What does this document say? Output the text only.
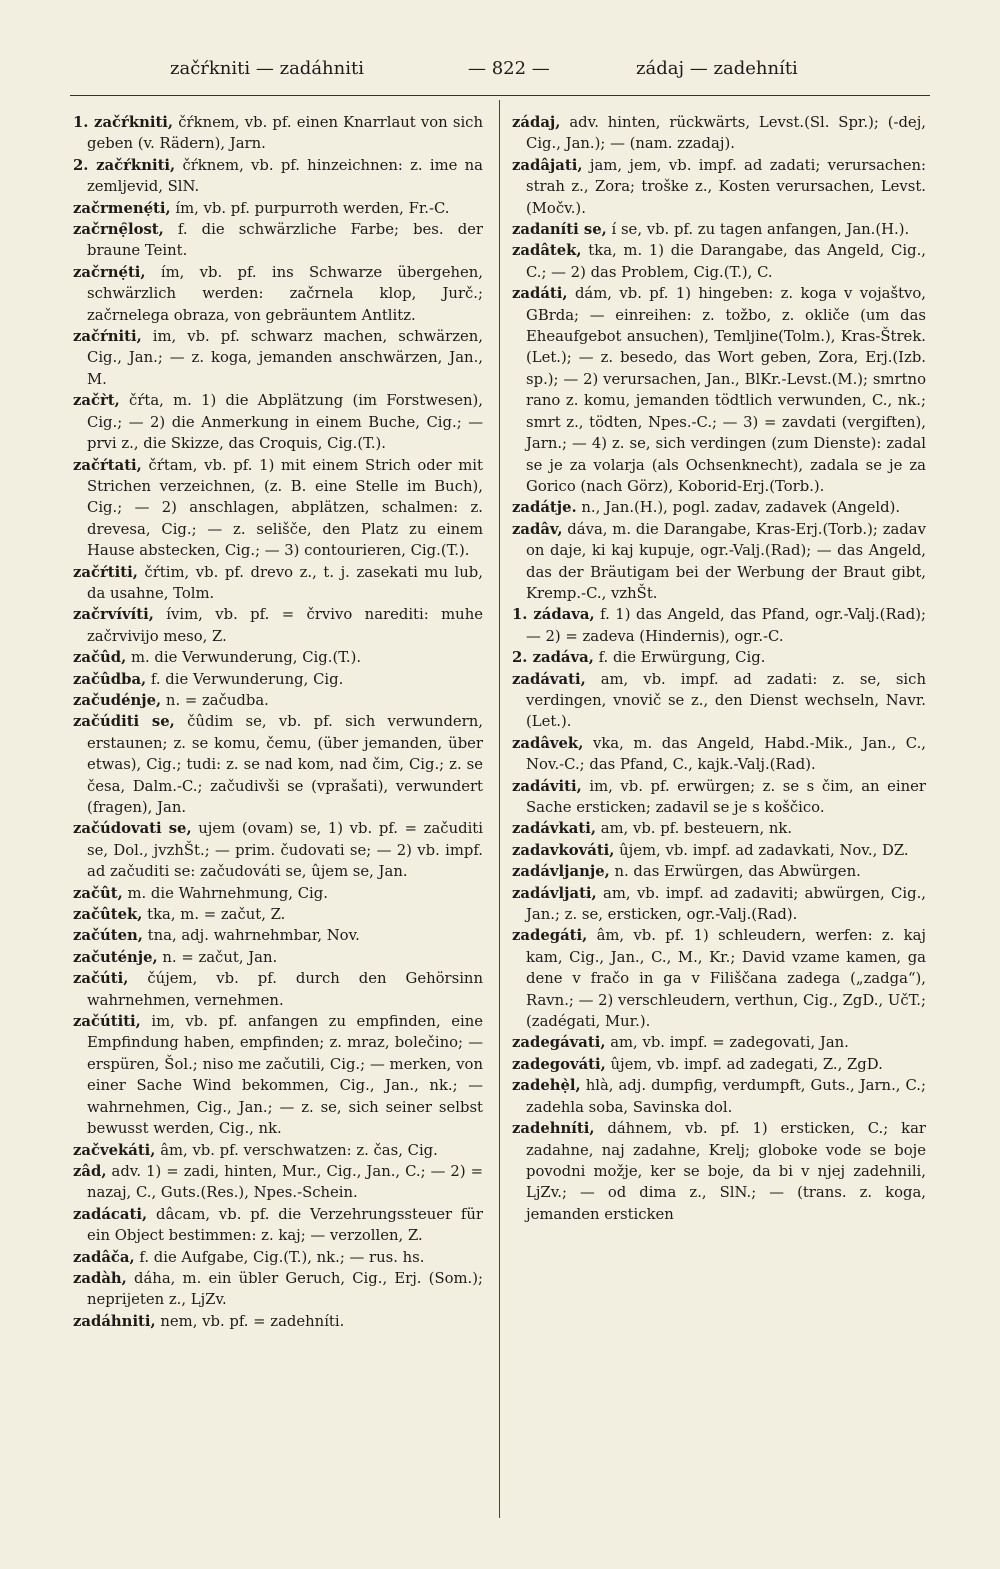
začŕkniti — zadáhniti	— 822 —	zádaj — zadehníti

1. začŕkniti, čŕknem, vb. pf. einen Knarrlaut von sich geben (v. Rädern), Jarn.

2. začŕkniti, čŕknem, vb. pf. hinzeichnen: z. ime na zemljevid, SlN.

začrmenẹ́ti, ím, vb. pf. purpurroth werden, Fr.-C.

začrnẹ̑lost, f. die schwärzliche Farbe; bes. der braune Teint.

začrnẹ́ti, ím, vb. pf. ins Schwarze übergehen, schwärzlich werden: začrnela klop, Jurč.; začrnelega obraza, von gebräuntem Antlitz.

začŕniti, im, vb. pf. schwarz machen, schwärzen, Cig., Jan.; — z. koga, jemanden anschwärzen, Jan., M.

začr̀t, čŕta, m. 1) die Abplätzung (im Forstwesen), Cig.; — 2) die Anmerkung in einem Buche, Cig.; — prvi z., die Skizze, das Croquis, Cig.(T.).

začŕtati, čŕtam, vb. pf. 1) mit einem Strich oder mit Strichen verzeichnen, (z. B. eine Stelle im Buch), Cig.; — 2) anschlagen, abplätzen, schalmen: z. drevesa, Cig.; — z. selišče, den Platz zu einem Hause abstecken, Cig.; — 3) contourieren, Cig.(T.).

začŕtiti, čŕtim, vb. pf. drevo z., t. j. zasekati mu lub, da usahne, Tolm.

začrvívíti, ívim, vb. pf. = črvivo narediti: muhe začrvivijo meso, Z.

začûd, m. die Verwunderung, Cig.(T.).

začûdba, f. die Verwunderung, Cig.

začudénje, n. = začudba.

začúditi se, čûdim se, vb. pf. sich verwundern, erstaunen; z. se komu, čemu, (über jemanden, über etwas), Cig.; tudi: z. se nad kom, nad čim, Cig.; z. se česa, Dalm.-C.; začudivši se (vprašati), verwundert (fragen), Jan.

začúdovati se, ujem (ovam) se, 1) vb. pf. = začuditi se, Dol., jvzhŠt.; — prim. čudovati se; — 2) vb. impf. ad začuditi se: začudováti se, ûjem se, Jan.

začût, m. die Wahrnehmung, Cig.

začûtek, tka, m. = začut, Z.

začúten, tna, adj. wahrnehmbar, Nov.

začuténje, n. = začut, Jan.

začúti, čújem, vb. pf. durch den Gehörsinn wahrnehmen, vernehmen.

začútiti, im, vb. pf. anfangen zu empfinden, eine Empfindung haben, empfinden; z. mraz, bolečino; — erspüren, Šol.; niso me začutili, Cig.; — merken, von einer Sache Wind bekommen, Cig., Jan., nk.; — wahrnehmen, Cig., Jan.; — z. se, sich seiner selbst bewusst werden, Cig., nk.

začvekáti, âm, vb. pf. verschwatzen: z. čas, Cig.

zâd, adv. 1) = zadi, hinten, Mur., Cig., Jan., C.; — 2) = nazaj, C., Guts.(Res.), Npes.-Schein.

zadácati, dâcam, vb. pf. die Verzehrungssteuer für ein Object bestimmen: z. kaj; — verzollen, Z.

zadâča, f. die Aufgabe, Cig.(T.), nk.; — rus. hs.

zadàh, dáha, m. ein übler Geruch, Cig., Erj. (Som.); neprijeten z., LjZv.

zadáhniti, nem, vb. pf. = zadehníti.

zádaj, adv. hinten, rückwärts, Levst.(Sl. Spr.); (-dej, Cig., Jan.); — (nam. zzadaj).

zadâjati, jam, jem, vb. impf. ad zadati; verursachen: strah z., Zora; troške z., Kosten verursachen, Levst.(Močv.).

zadaníti se, í se, vb. pf. zu tagen anfangen, Jan.(H.).

zadâtek, tka, m. 1) die Darangabe, das Angeld, Cig., C.; — 2) das Problem, Cig.(T.), C.

zadáti, dám, vb. pf. 1) hingeben: z. koga v vojaštvo, GBrda; — einreihen: z. tožbo, z. okliče (um das Eheaufgebot ansuchen), Temljine(Tolm.), Kras-Štrek.(Let.); — z. besedo, das Wort geben, Zora, Erj.(Izb. sp.); — 2) verursachen, Jan., BlKr.-Levst.(M.); smrtno rano z. komu, jemanden tödtlich verwunden, C., nk.; smrt z., tödten, Npes.-C.; — 3) = zavdati (vergiften), Jarn.; — 4) z. se, sich verdingen (zum Dienste): zadal se je za volarja (als Ochsenknecht), zadala se je za Gorico (nach Görz), Koborid-Erj.(Torb.).

zadátje. n., Jan.(H.), pogl. zadav, zadavek (Angeld).

zadâv, dáva, m. die Darangabe, Kras-Erj.(Torb.); zadav on daje, ki kaj kupuje, ogr.-Valj.(Rad); — das Angeld, das der Bräutigam bei der Werbung der Braut gibt, Kremp.-C., vzhŠt.

1. zádava, f. 1) das Angeld, das Pfand, ogr.-Valj.(Rad); — 2) = zadeva (Hindernis), ogr.-C.

2. zadáva, f. die Erwürgung, Cig.

zadávati, am, vb. impf. ad zadati: z. se, sich verdingen, vnovič se z., den Dienst wechseln, Navr.(Let.).

zadâvek, vka, m. das Angeld, Habd.-Mik., Jan., C., Nov.-C.; das Pfand, C., kajk.-Valj.(Rad).

zadáviti, im, vb. pf. erwürgen; z. se s čim, an einer Sache ersticken; zadavil se je s koščico.

zadávkati, am, vb. pf. besteuern, nk.

zadavkováti, ûjem, vb. impf. ad zadavkati, Nov., DZ.

zadávljanje, n. das Erwürgen, das Abwürgen.

zadávljati, am, vb. impf. ad zadaviti; abwürgen, Cig., Jan.; z. se, ersticken, ogr.-Valj.(Rad).

zadegáti, âm, vb. pf. 1) schleudern, werfen: z. kaj kam, Cig., Jan., C., M., Kr.; David vzame kamen, ga dene v fračo in ga v Filiščana zadega („zadga“), Ravn.; — 2) verschleudern, verthun, Cig., ZgD., UčT.; (zadégati, Mur.).

zadegávati, am, vb. impf. = zadegovati, Jan.

zadegováti, ûjem, vb. impf. ad zadegati, Z., ZgD.

zadehẹ̀l, hlà, adj. dumpfig, verdumpft, Guts., Jarn., C.; zadehla soba, Savinska dol.

zadehníti, dáhnem, vb. pf. 1) ersticken, C.; kar zadahne, naj zadahne, Krelj; globoke vode se boje povodni možje, ker se boje, da bi v njej zadehnili, LjZv.; — od dima z., SlN.; — (trans. z. koga, jemanden ersticken
